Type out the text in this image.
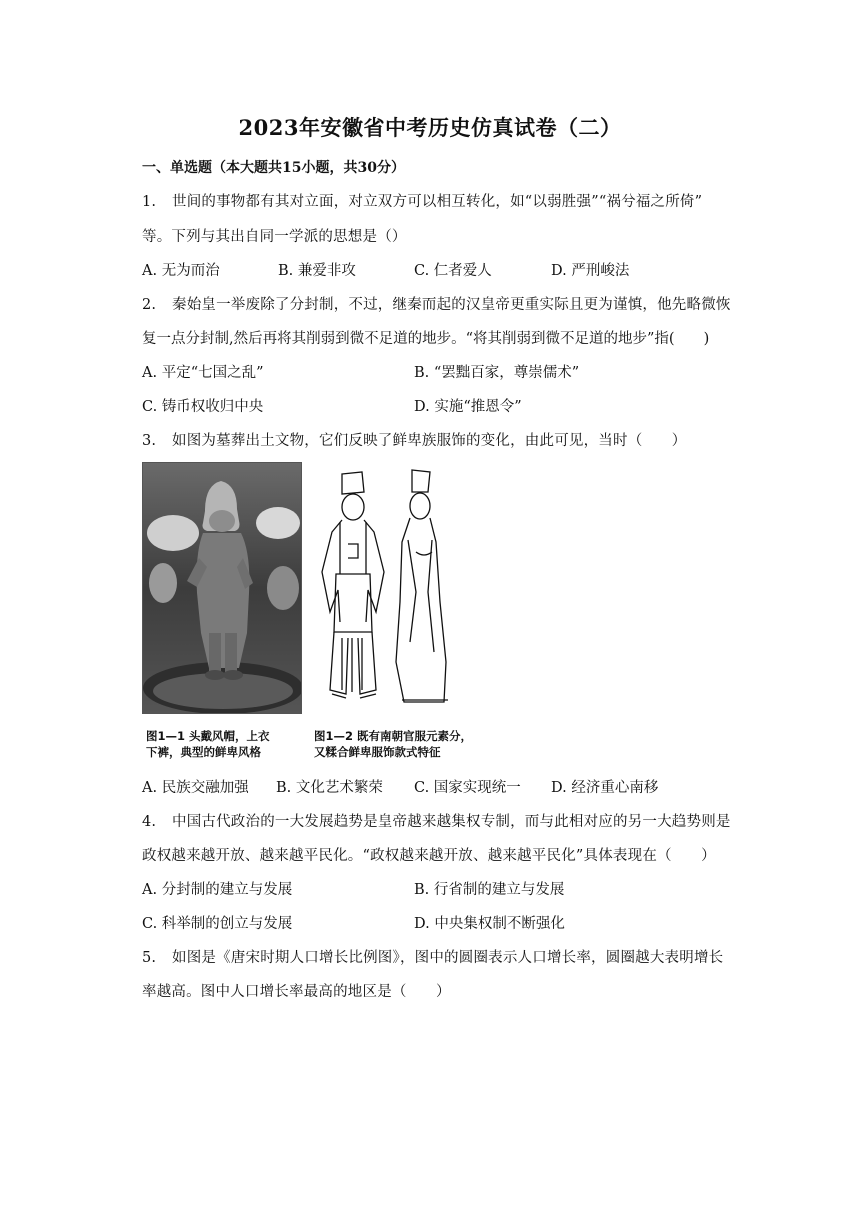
2023年安徽省中考历史仿真试卷（二）
一、单选题（本大题共15小题，共30分）
1. 世间的事物都有其对立面，对立双方可以相互转化，如“以弱胜强”“祸兮福之所倚”
等。下列与其出自同一学派的思想是（）
A. 无为而治	B. 兼爱非攻	C. 仁者爱人	D. 严刑峻法
2. 秦始皇一举废除了分封制，不过，继秦而起的汉皇帝更重实际且更为谨慎，他先略微恢
复一点分封制,然后再将其削弱到微不足道的地步。“将其削弱到微不足道的地步”指(　　)
A. 平定“七国之乱”	B. “罢黜百家，尊崇儒术”
C. 铸币权收归中央	D. 实施“推恩令”
3. 如图为墓葬出土文物，它们反映了鲜卑族服饰的变化，由此可见，当时（　　）
图1—1 头戴风帽，上衣
下裤，典型的鲜卑风格
图1—2 既有南朝官服元素分，
又糅合鲜卑服饰款式特征
A. 民族交融加强 B. 文化艺术繁荣 C. 国家实现统一 D. 经济重心南移
4. 中国古代政治的一大发展趋势是皇帝越来越集权专制，而与此相对应的另一大趋势则是
政权越来越开放、越来越平民化。“政权越来越开放、越来越平民化”具体表现在（　　）
A. 分封制的建立与发展	B. 行省制的建立与发展
C. 科举制的创立与发展	D. 中央集权制不断强化
5. 如图是《唐宋时期人口增长比例图》，图中的圆圈表示人口增长率，圆圈越大表明增长
率越高。图中人口增长率最高的地区是（　　）
